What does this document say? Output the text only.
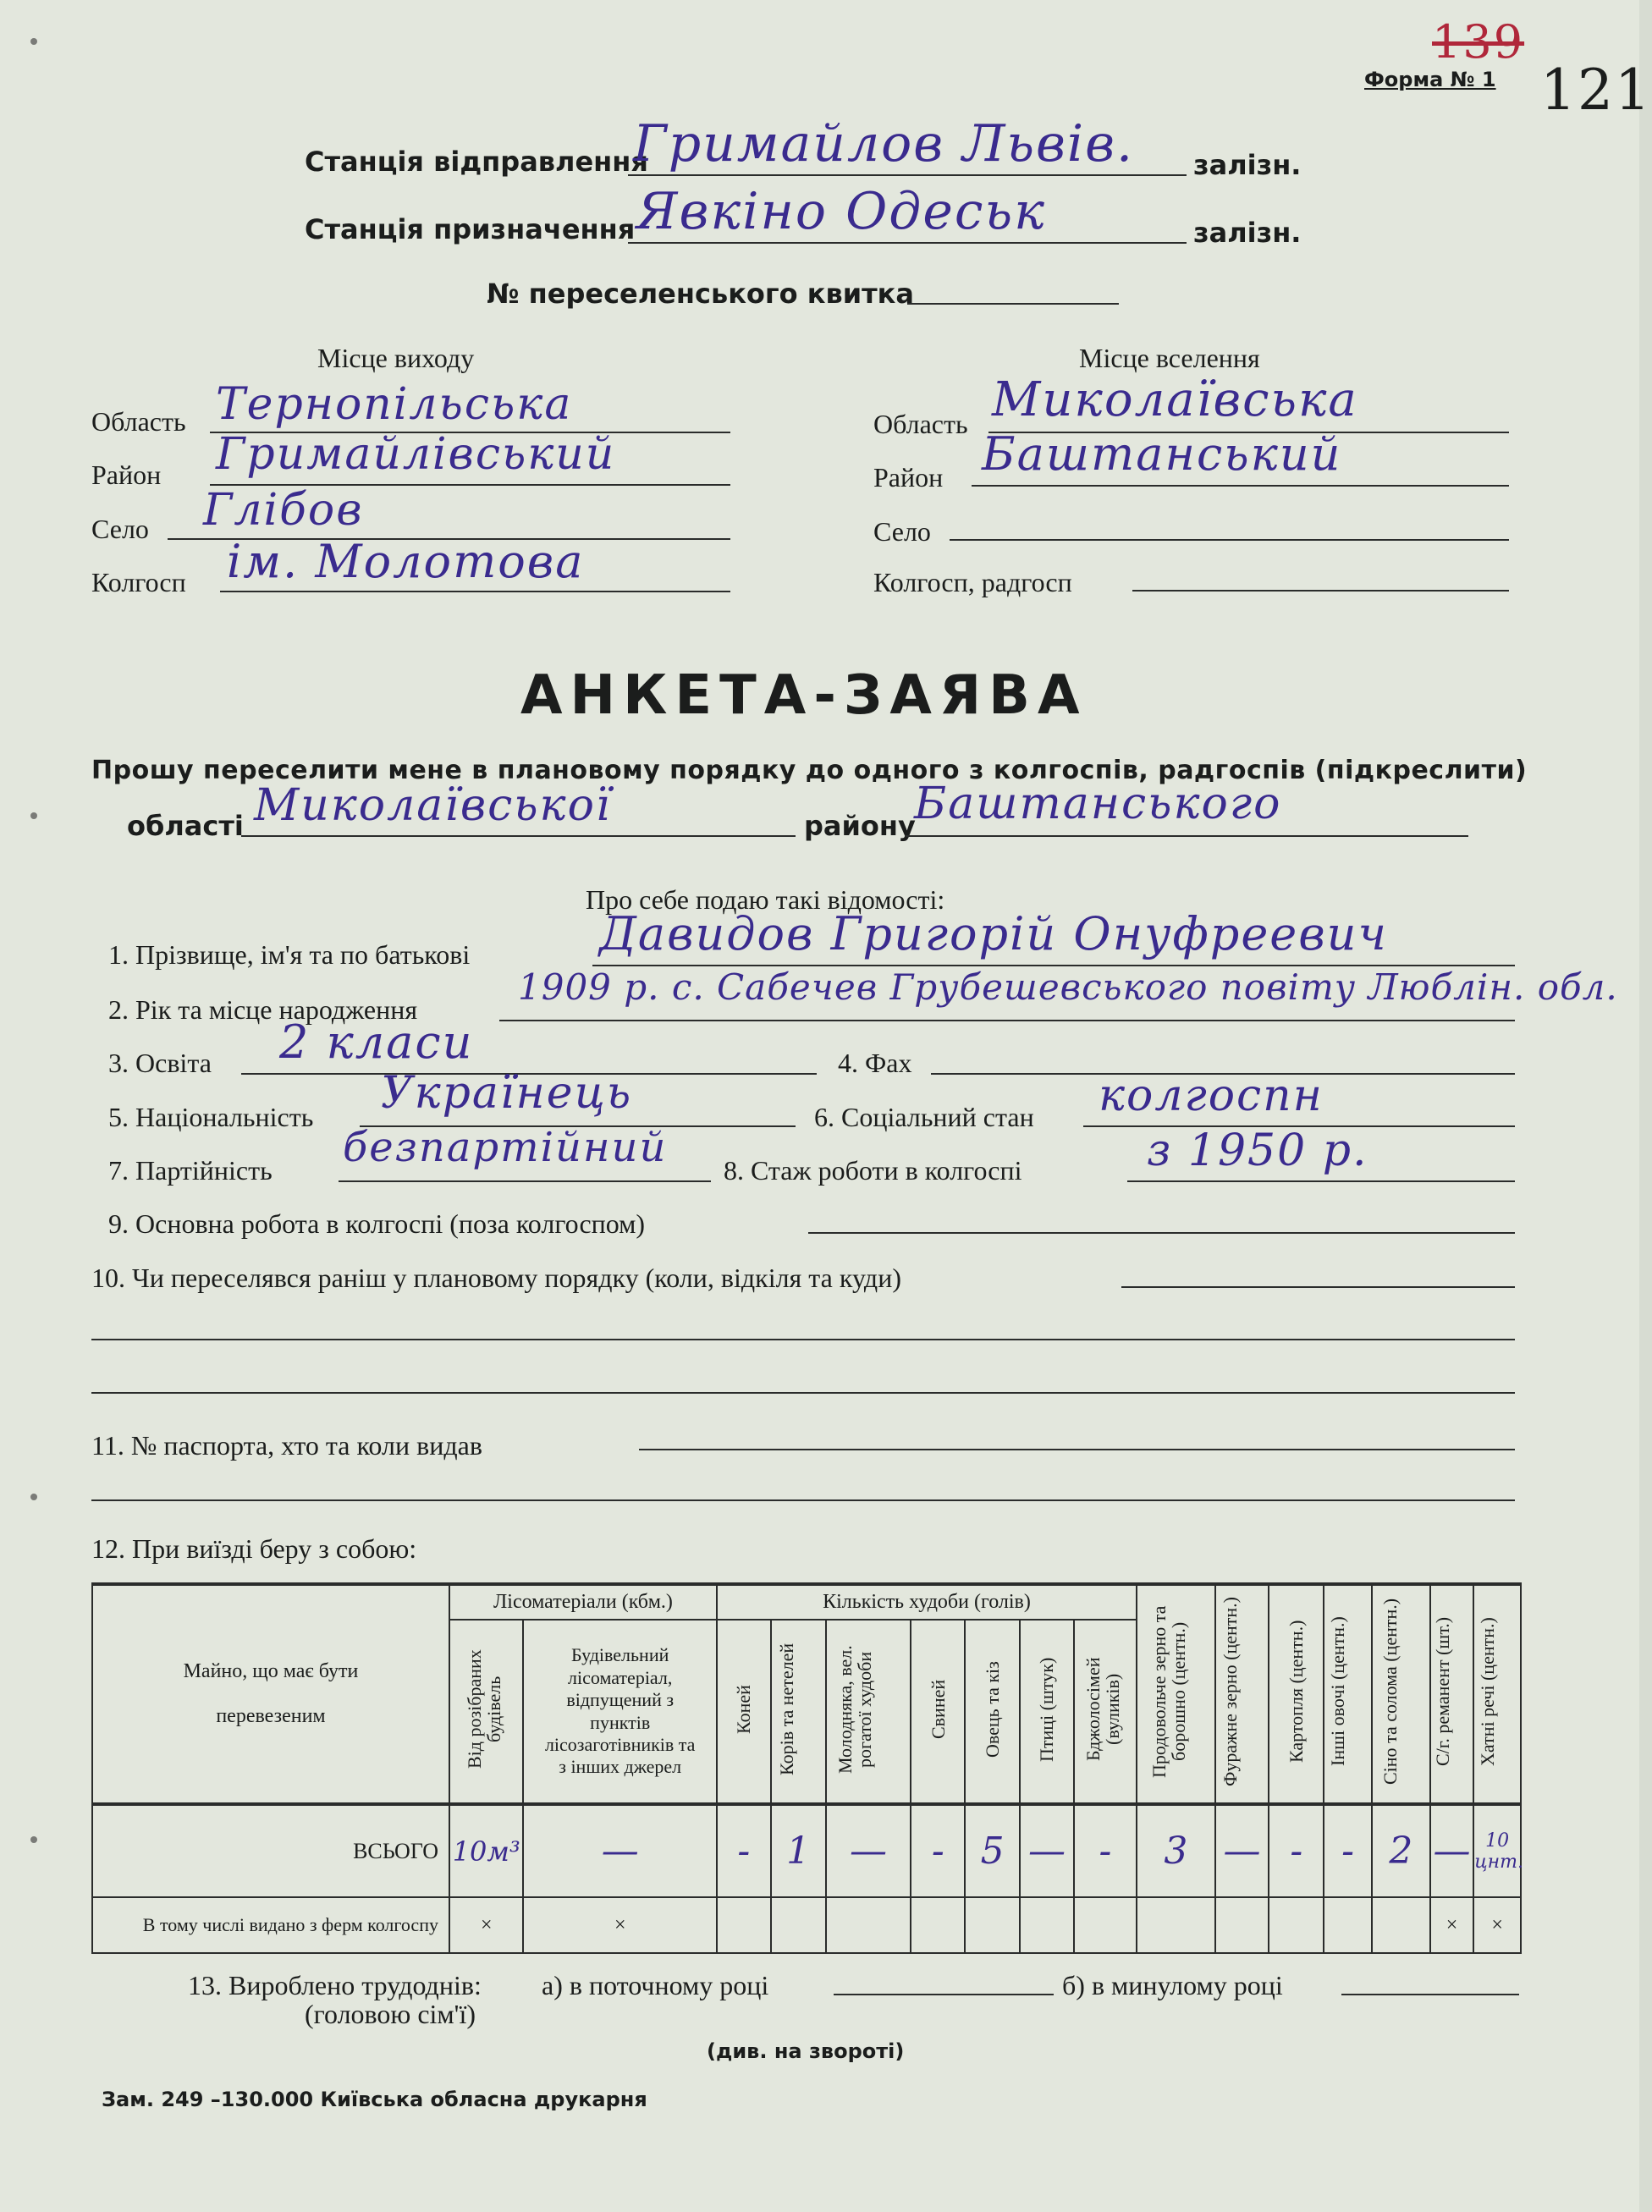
139
121
Форма № 1
Станція відправлення
Гримайлов Львів. залізн.
Станція призначення Явкіно Одеськ	залізн.
№ переселенського квитка
Місце виходу	Місце вселення
Область Тернопільська
Район Гримайлівський
Село Глібов
Колгосп ім. Молотова
Область Миколаївська
Район Баштанський
Село
Колгосп, радгосп
АНКЕТА-ЗАЯВА
Прошу переселити мене в плановому порядку до одного з колгоспів, радгоспів (підкреслити)
області Миколаївської	району
Баштанського
Про себе подаю такі відомості:
1. Прізвище, ім'я та по батькові	Давидов Григорій Онуфреевич
2. Рік та місце народження
1909 р. с. Сабечев Грубешевського повіту Люблін. обл.
3. Освіта 2 класи	4. Фах
5. Національність Українець	6. Соціальний стан колгоспн
7. Партійність безпартійний 8. Стаж роботи в колгоспі	з 1950 р.
9. Основна робота в колгоспі (поза колгоспом)
10. Чи переселявся раніш у плановому порядку (коли, відкіля та куди)
11. № паспорта, хто та коли видав
12. При виїзді беру з собою:
Майно, що має бути перевезеним	Лісоматеріали (кбм.)		Кількість худоби (голів)							Продовольче зерно та борошно (центн.)	Фуражне зерно (центн.)	Картопля (центн.)	Інші овочі (центн.)	Сіно та солома (центн.)	С/г. реманент (шт.)	Хатні речі (центн.)
	Від розібраних будівель	Будівельний лісоматеріал, відпущений з пунктів лісозаготівників та з інших джерел	Коней	Корів та нетелей	Молодняка, вел. рогатої худоби	Свиней	Овець та кіз	Птиці (штук)	Бджолосімей (вуликів)							
ВСЬОГО	10м³	—	-	1	—	-	5	—	-	3	—	-	-	2	—	10 цнт.
В тому числі видано з ферм колгоспу	×	×													×	×
13. Вироблено трудоднів:
(головою сім'ї)
а) в поточному році	б) в минулому році
(див. на звороті)
Зам. 249 –130.000 Київська обласна друкарня
